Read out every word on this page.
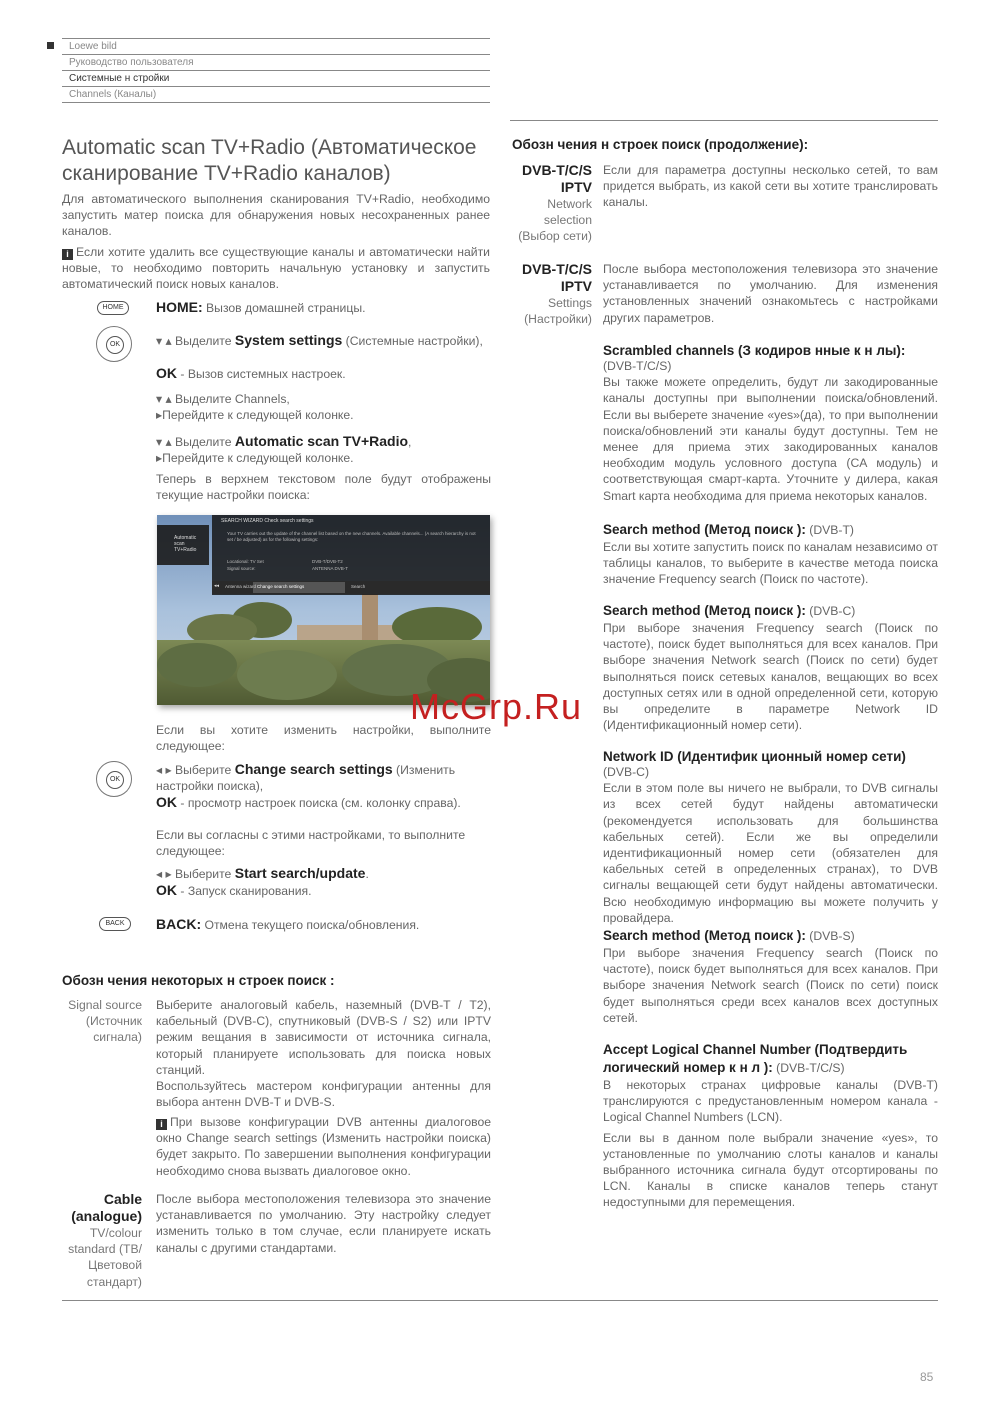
Loewe bild
Руководство пользователя
Системные н стройки
Channels (Каналы)
Automatic scan TV+Radio (Автоматическое сканирование TV+Radio каналов)

Для автоматического выполнения сканирования TV+Radio, необходимо запустить матер поиска для обнаружения новых несохраненных ранее каналов.

i Если хотите удалить все существующие каналы и автоматически найти новые, то необходимо повторить начальную установку и запустить автоматический поиск новых каналов.

HOME	HOME: Вызов домашней страницы.

OK	▾ ▴ Выделите System settings (Системные настройки),

OK - Вызов системных настроек.

▾ ▴ Выделите Channels,

▸Перейдите к следующей колонке.

▾ ▴ Выделите Automatic scan TV+Radio,

▸Перейдите к следующей колонке.

Теперь в верхнем текстовом поле будут отображены текущие настройки поиска:

Automatic scan TV+Radio
SEARCH WIZARD Check search settings
Your TV carries out the update of the channel list based on the new channels. Available channels... (A search hierarchy is not set / be adjusted) as for the following settings:
Locational: TV Set	DVB-T/DVB-T2
Signal source:	ANTENNA DVB-T
◂◂ Antenna wizard Change search settings	Search

Если вы хотите изменить настройки, выполните следующее:

OK

◂ ▸ Выберите Change search settings (Изменить настройки поиска),

OK - просмотр настроек поиска (см. колонку справа).

Если вы согласны с этими настройками, то выполните следующее:

◂ ▸ Выберите Start search/update.

OK - Запуск сканирования.

BACK	BACK: Отмена текущего поиска/обновления.

Обозн чения некоторых н строек поиск :
Signal source (Источник сигнала)

Выберите аналоговый кабель, наземный (DVB-T / T2), кабельный (DVB-C), спутниковый (DVB-S / S2) или IPTV режим вещания в зависимости от источника сигнала, который планируете использовать для поиска новых станций.

Воспользуйтесь мастером конфигурации антенны для выбора антенн DVB-T и DVB-S.

i При вызове конфигурации DVB антенны диалоговое окно Change search settings (Изменить настройки поиска) будет закрыто. По завершении выполнения конфигурации необходимо снова вызвать диалоговое окно.

Cable (analogue)
TV/colour standard (ТВ/ Цветовой стандарт)

После выбора местоположения телевизора это значение устанавливается по умолчанию. Эту настройку следует изменить только в том случае, если планируете искать каналы с другими стандартами.

Обозн чения н строек поиск (продолжение):
DVB-T/C/S IPTV
Network selection (Выбор сети)

Если для параметра доступны несколько сетей, то вам придется выбрать, из какой сети вы хотите транслировать каналы.

DVB-T/C/S IPTV
Settings (Настройки)

После выбора местоположения телевизора это значение устанавливается по умолчанию. Для изменения установленных значений ознакомьтесь с настройками других параметров.

Scrambled channels (З кодиров нные к н лы):

(DVB-T/C/S)

Вы также можете определить, будут ли закодированные каналы доступны при выполнении поиска/обновлений. Если вы выберете значение «yes»(да), то при выполнении поиска/обновлений эти каналы будут доступны. Тем не менее для приема этих закодированных каналов необходим модуль условного доступа (CA модуль) и соответствующая смарт-карта. Уточните у дилера, какая Smart карта необходима для приема некоторых каналов.

Search method (Метод поиск ): (DVB-T)

Если вы хотите запустить поиск по каналам независимо от таблицы каналов, то выберите в качестве метода поиска значение Frequency search (Поиск по частоте).

Search method (Метод поиск ): (DVB-C)

При выборе значения Frequency search (Поиск по частоте), поиск будет выполняться для всех каналов. При выборе значения Network search (Поиск по сети) будет выполняться поиск сетевых каналов, вещающих во всех доступных сетях или в одной определенной сети, которую вы определите в параметре Network ID (Идентификационный номер сети).

Network ID (Идентифик ционный номер сети)

(DVB-C)

Если в этом поле вы ничего не выбрали, то DVB сигналы из всех сетей будут найдены автоматически (рекомендуется использовать для большинства кабельных сетей). Если же вы определили идентификационный номер сети (обязателен для кабельных сетей в определенных странах), то DVB сигналы вещающей сети будут найдены автоматически. Всю необходимую информацию вы можете получить у провайдера.

Search method (Метод поиск ): (DVB-S)

При выборе значения Frequency search (Поиск по частоте), поиск будет выполняться для всех каналов. При выборе значения Network search (Поиск по сети) поиск будет выполняться среди всех каналов всех доступных сетей.

Accept Logical Channel Number (Подтвердить логический номер к н л ): (DVB-T/C/S)

В некоторых странах цифровые каналы (DVB-T) транслируются с предустановленным номером канала - Logical Channel Numbers (LCN).

Если вы в данном поле выбрали значение «yes», то установленные по умолчанию слоты каналов и каналы выбранного источника сигнала будут отсортированы по LCN. Каналы в списке каналов теперь станут недоступными для перемещения.

McGrp.Ru
85
